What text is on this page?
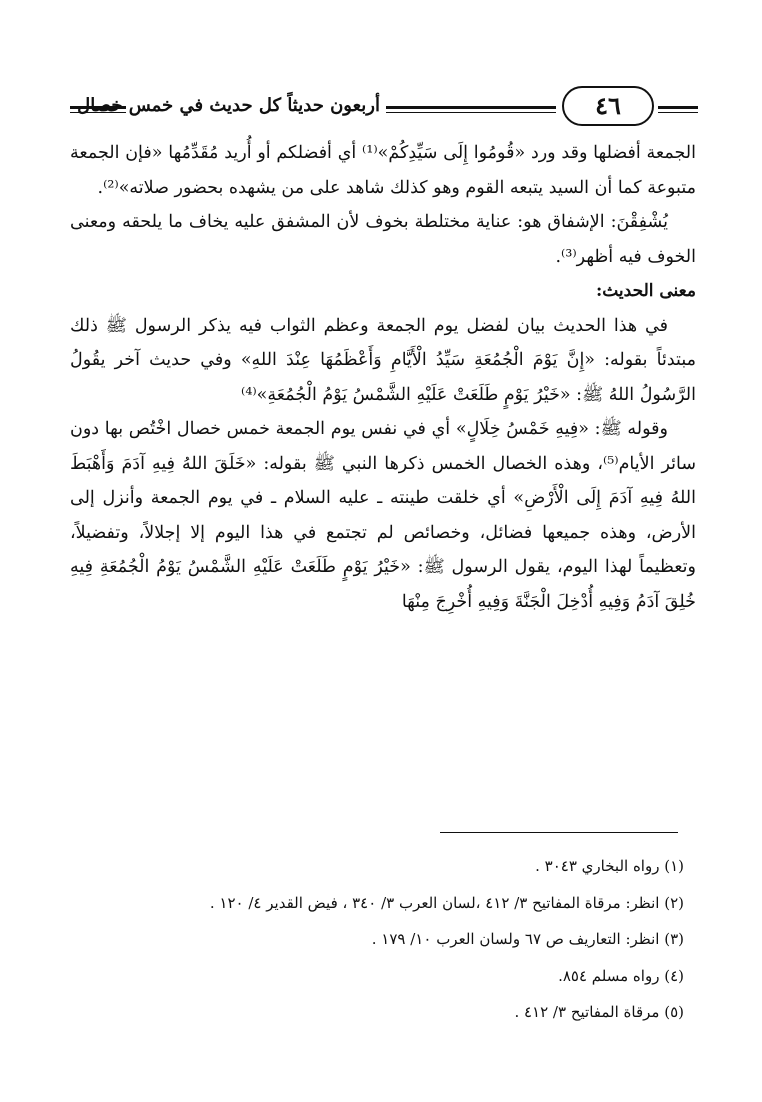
أربعون حديثاً كل حديث في خمس خصال	٤٦

الجمعة أفضلها وقد ورد «قُومُوا إِلَى سَيِّدِكُمْ»⁽¹⁾ أي أفضلكم أو أُريد مُقَدِّمُها «فإن الجمعة متبوعة كما أن السيد يتبعه القوم وهو كذلك شاهد على من يشهده بحضور صلاته»⁽²⁾.

يُشْفِقْنَ: الإشفاق هو: عناية مختلطة بخوف لأن المشفق عليه يخاف ما يلحقه ومعنى الخوف فيه أظهر⁽³⁾.

معنى الحديث:

في هذا الحديث بيان لفضل يوم الجمعة وعظم الثواب فيه يذكر الرسول ﷺ ذلك مبتدئاً بقوله: «إِنَّ يَوْمَ الْجُمُعَةِ سَيِّدُ الْأَيَّامِ وَأَعْظَمُهَا عِنْدَ اللهِ» وفي حديث آخر يقُولُ الرَّسُولُ اللهُ ﷺ: «خَيْرُ يَوْمٍ طَلَعَتْ عَلَيْهِ الشَّمْسُ يَوْمُ الْجُمُعَةِ»⁽⁴⁾

وقوله ﷺ: «فِيهِ خَمْسُ خِلَالٍ» أي في نفس يوم الجمعة خمس خصال اخْتُص بها دون سائر الأيام⁽⁵⁾، وهذه الخصال الخمس ذكرها النبي ﷺ بقوله: «خَلَقَ اللهُ فِيهِ آدَمَ وَأَهْبَطَ اللهُ فِيهِ آدَمَ إِلَى الْأَرْضِ» أي خلقت طينته ـ عليه السلام ـ في يوم الجمعة وأنزل إلى الأرض، وهذه جميعها فضائل، وخصائص لم تجتمع في هذا اليوم إلا إجلالاً، وتفضيلاً، وتعظيماً لهذا اليوم، يقول الرسول ﷺ: «خَيْرُ يَوْمٍ طَلَعَتْ عَلَيْهِ الشَّمْسُ يَوْمُ الْجُمُعَةِ فِيهِ خُلِقَ آدَمُ وَفِيهِ أُدْخِلَ الْجَنَّةَ وَفِيهِ أُخْرِجَ مِنْهَا

(١) رواه البخاري ٣٠٤٣ .
(٢) انظر: مرقاة المفاتيح ٣/ ٤١٢ ،لسان العرب ٣/ ٣٤٠ ، فيض القدير ٤/ ١٢٠ .
(٣) انظر: التعاريف ص ٦٧ ولسان العرب ١٠/ ١٧٩ .
(٤) رواه مسلم ٨٥٤.
(٥) مرقاة المفاتيح ٣/ ٤١٢ .
